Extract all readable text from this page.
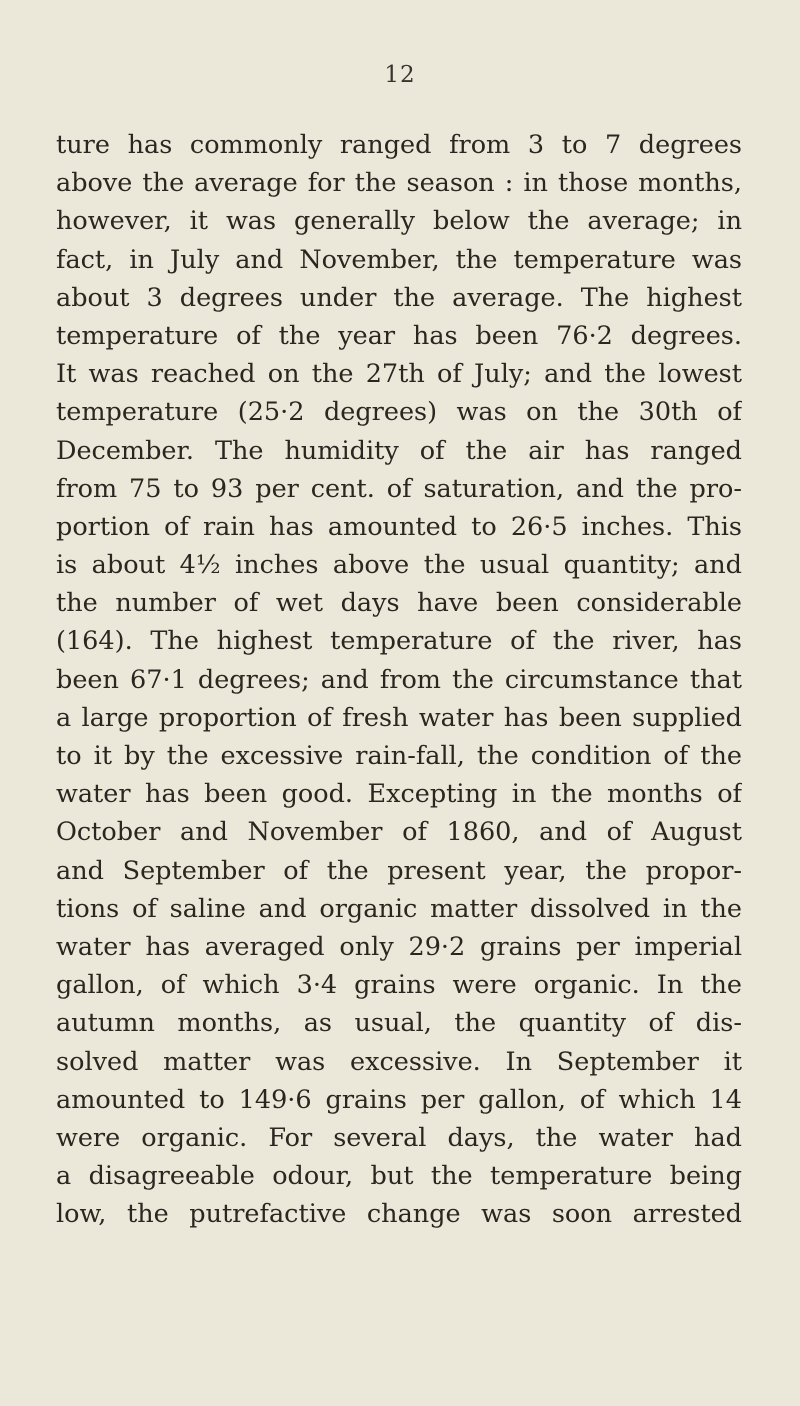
12
ture has commonly ranged from 3 to 7 degrees
above the average for the season : in those months,
however, it was generally below the average; in
fact, in July and November, the temperature was
about 3 degrees under the average. The highest
temperature of the year has been 76·2 degrees.
It was reached on the 27th of July; and the lowest
temperature (25·2 degrees) was on the 30th of
December. The humidity of the air has ranged
from 75 to 93 per cent. of saturation, and the pro-
portion of rain has amounted to 26·5 inches. This
is about 4½ inches above the usual quantity; and
the number of wet days have been considerable
(164). The highest temperature of the river, has
been 67·1 degrees; and from the circumstance that
a large proportion of fresh water has been supplied
to it by the excessive rain-fall, the condition of the
water has been good. Excepting in the months of
October and November of 1860, and of August
and September of the present year, the propor-
tions of saline and organic matter dissolved in the
water has averaged only 29·2 grains per imperial
gallon, of which 3·4 grains were organic. In the
autumn months, as usual, the quantity of dis-
solved matter was excessive. In September it
amounted to 149·6 grains per gallon, of which 14
were organic. For several days, the water had
a disagreeable odour, but the temperature being
low, the putrefactive change was soon arrested
